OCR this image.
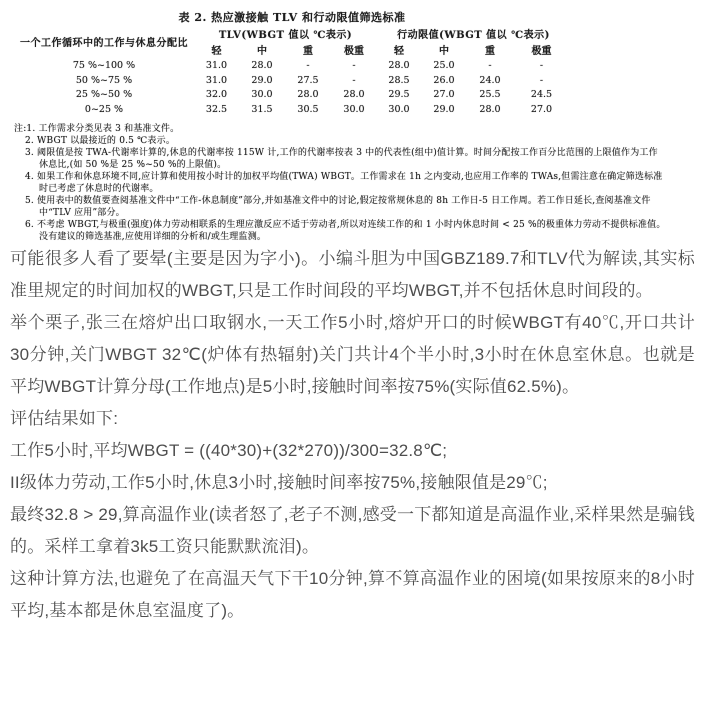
表 2. 热应激接触 TLV 和行动限值筛选标准
一个工作循环中的工作与休息分配比	TLV(WBGT 值以 ℃表示)				行动限值(WBGT 值以 ℃表示)			
	轻	中	重	极重	轻	中	重	极重
75 %~100 %	31.0	28.0	-	-	28.0	25.0	-	-
50 %~75 %	31.0	29.0	27.5	-	28.5	26.0	24.0	-
25 %~50 %	32.0	30.0	28.0	28.0	29.5	27.0	25.5	24.5
0~25 %	32.5	31.5	30.5	30.0	30.0	29.0	28.0	27.0
注:1. 工作需求分类见表 3 和基准文件。
2. WBGT 以最接近的 0.5 ℃表示。
3. 阈限值是按 TWA-代谢率计算的,休息的代谢率按 115W 计,工作的代谢率按表 3 中的代表性(组中)值计算。时间分配按工作百分比范围的上限值作为工作休息比,(如 50 %是 25 %~50 %的上限值)。
4. 如果工作和休息环境不同,应计算和使用按小时计的加权平均值(TWA) WBGT。工作需求在 1h 之内变动,也应用工作率的 TWAs,但需注意在确定筛选标准时已考虑了休息时的代谢率。
5. 使用表中的数值要查阅基准文件中“工作-休息制度”部分,并如基准文件中的讨论,假定按常规休息的 8h 工作日-5 日工作周。若工作日延长,查阅基准文件中“TLV 应用”部分。
6. 不考虑 WBGT,与极重(强度)体力劳动相联系的生理应激反应不适于劳动者,所以对连续工作的和 1 小时内休息时间 < 25 %的极重体力劳动不提供标准值。没有建议的筛选基准,应使用详细的分析和/或生理监测。

可能很多人看了要晕(主要是因为字小)。小编斗胆为中国GBZ189.7和TLV代为解读,其实标准里规定的时间加权的WBGT,只是工作时间段的平均WBGT,并不包括休息时间段的。

举个栗子,张三在熔炉出口取钢水,一天工作5小时,熔炉开口的时候WBGT有40℃,开口共计30分钟,关门WBGT 32℃(炉体有热辐射)关门共计4个半小时,3小时在休息室休息。也就是平均WBGT计算分母(工作地点)是5小时,接触时间率按75%(实际值62.5%)。

评估结果如下:

工作5小时,平均WBGT = ((40*30)+(32*270))/300=32.8℃;

II级体力劳动,工作5小时,休息3小时,接触时间率按75%,接触限值是29℃;

最终32.8 > 29,算高温作业(读者怒了,老子不测,感受一下都知道是高温作业,采样果然是骗钱的。采样工拿着3k5工资只能默默流泪)。

这种计算方法,也避免了在高温天气下干10分钟,算不算高温作业的困境(如果按原来的8小时平均,基本都是休息室温度了)。
